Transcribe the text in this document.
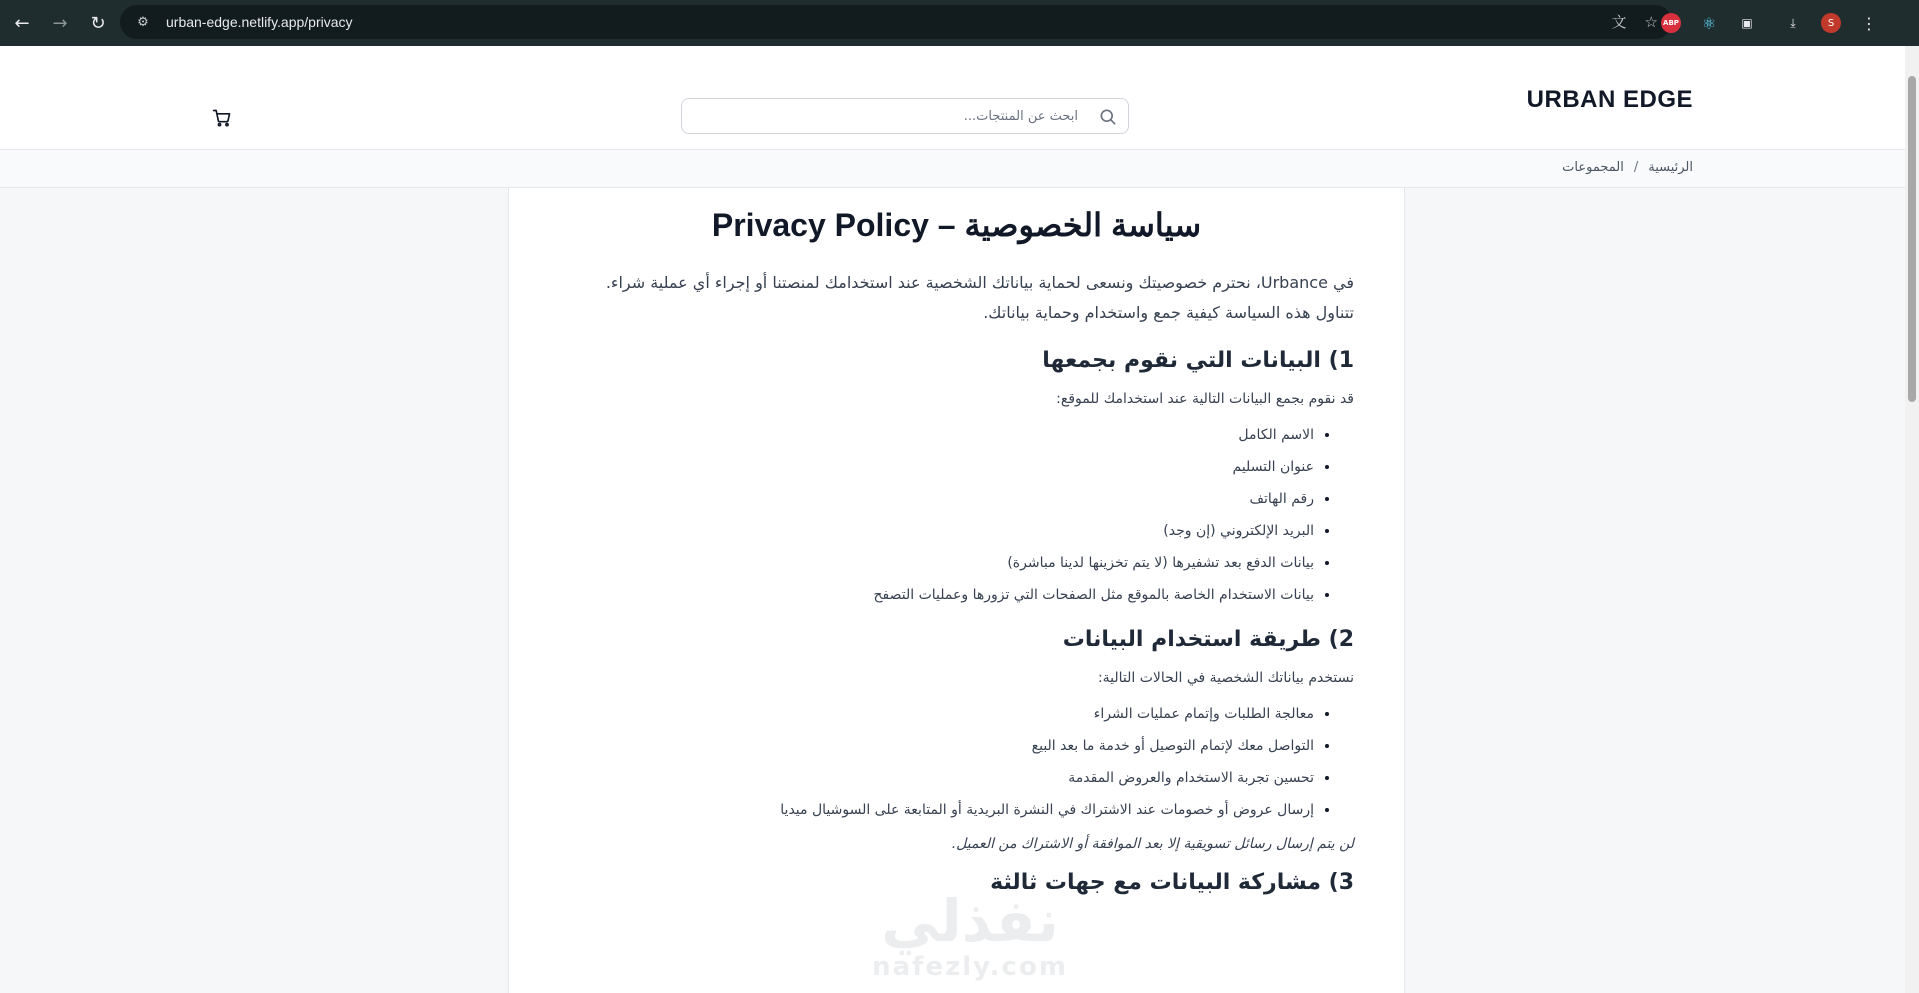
←	→	↻	⚙	urban-edge.netlify.app/privacy	文 ☆ ABP ⚛	▣	⤓	S	⋮
ابحث عن المنتجات...
URBAN EDGE
الرئيسية
/
المجموعات
Privacy Policy – سياسة الخصوصية

في Urbance، نحترم خصوصيتك ونسعى لحماية بياناتك الشخصية عند استخدامك لمنصتنا أو إجراء أي عملية شراء.
تتناول هذه السياسة كيفية جمع واستخدام وحماية بياناتك.

1) البيانات التي نقوم بجمعها

قد نقوم بجمع البيانات التالية عند استخدامك للموقع:

• الاسم الكامل
• عنوان التسليم
• رقم الهاتف
• البريد الإلكتروني (إن وجد)
• بيانات الدفع بعد تشفيرها (لا يتم تخزينها لدينا مباشرة)
• بيانات الاستخدام الخاصة بالموقع مثل الصفحات التي تزورها وعمليات التصفح
2) طريقة استخدام البيانات

نستخدم بياناتك الشخصية في الحالات التالية:

• معالجة الطلبات وإتمام عمليات الشراء
• التواصل معك لإتمام التوصيل أو خدمة ما بعد البيع
• تحسين تجربة الاستخدام والعروض المقدمة
• إرسال عروض أو خصومات عند الاشتراك في النشرة البريدية أو المتابعة على السوشيال ميديا

لن يتم إرسال رسائل تسويقية إلا بعد الموافقة أو الاشتراك من العميل.

3) مشاركة البيانات مع جهات ثالثة
